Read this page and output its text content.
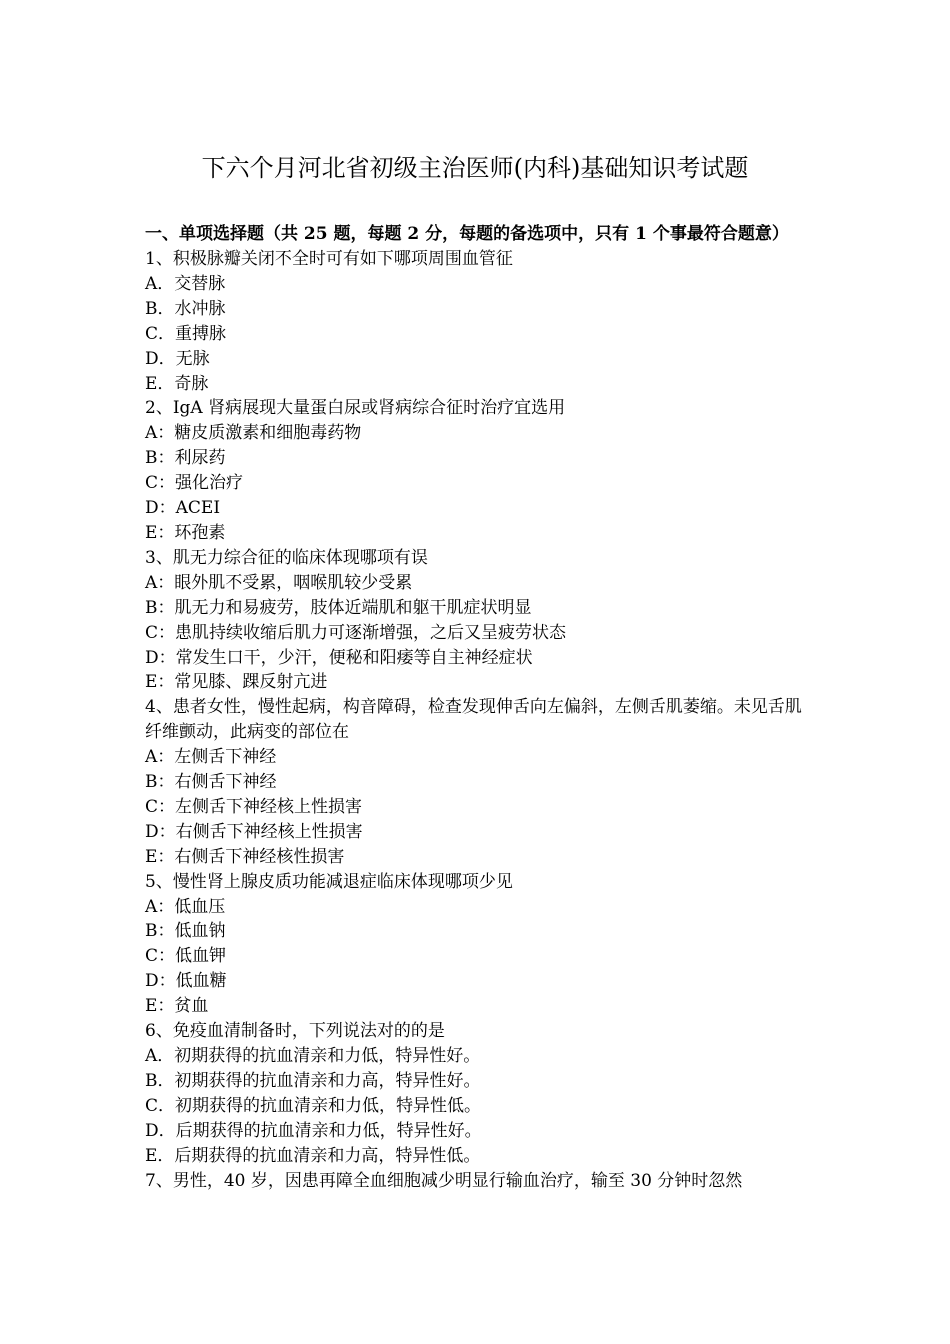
下六个月河北省初级主治医师(内科)基础知识考试题
一、单项选择题（共 25 题，每题 2 分，每题的备选项中，只有 1 个事最符合题意）
1、积极脉瓣关闭不全时可有如下哪项周围血管征
A．交替脉
B．水冲脉
C．重搏脉
D．无脉
E．奇脉
2、IgA 肾病展现大量蛋白尿或肾病综合征时治疗宜选用
A：糖皮质激素和细胞毒药物
B：利尿药
C：强化治疗
D：ACEI
E：环孢素
3、肌无力综合征的临床体现哪项有误
A：眼外肌不受累，咽喉肌较少受累
B：肌无力和易疲劳，肢体近端肌和躯干肌症状明显
C：患肌持续收缩后肌力可逐渐增强，之后又呈疲劳状态
D：常发生口干，少汗，便秘和阳痿等自主神经症状
E：常见膝、踝反射亢进
4、患者女性，慢性起病，构音障碍，检查发现伸舌向左偏斜，左侧舌肌萎缩。未见舌肌纤维颤动，此病变的部位在
A：左侧舌下神经
B：右侧舌下神经
C：左侧舌下神经核上性损害
D：右侧舌下神经核上性损害
E：右侧舌下神经核性损害
5、慢性肾上腺皮质功能减退症临床体现哪项少见
A：低血压
B：低血钠
C：低血钾
D：低血糖
E：贫血
6、免疫血清制备时，下列说法对的的是
A．初期获得的抗血清亲和力低，特异性好。
B．初期获得的抗血清亲和力高，特异性好。
C．初期获得的抗血清亲和力低，特异性低。
D．后期获得的抗血清亲和力低，特异性好。
E．后期获得的抗血清亲和力高，特异性低。
7、男性，40 岁，因患再障全血细胞减少明显行输血治疗，输至 30 分钟时忽然
